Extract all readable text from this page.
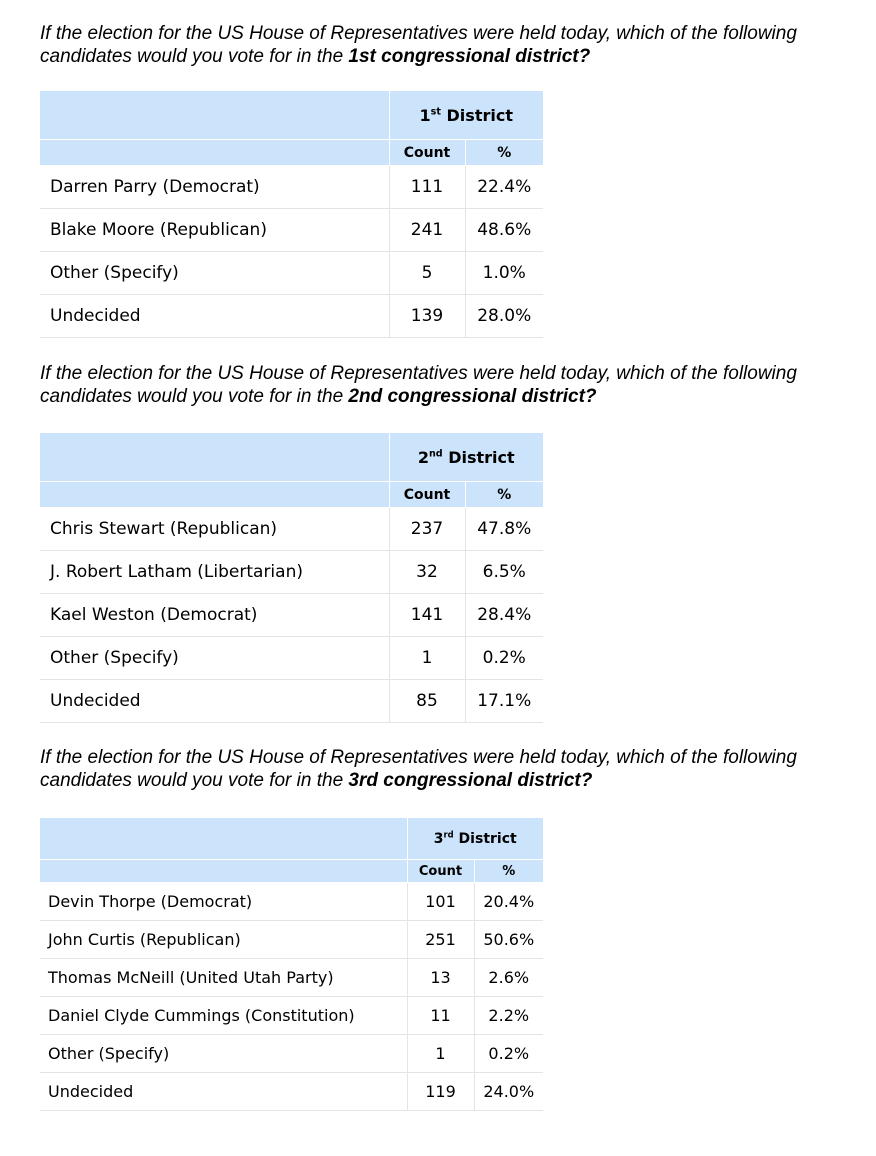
If the election for the US House of Representatives were held today, which of the following candidates would you vote for in the 1st congressional district?

	1st District	
	Count	%
Darren Parry (Democrat)	111	22.4%
Blake Moore (Republican)	241	48.6%
Other (Specify)	5	1.0%
Undecided	139	28.0%

If the election for the US House of Representatives were held today, which of the following candidates would you vote for in the 2nd congressional district?

	2nd District	
	Count	%
Chris Stewart (Republican)	237	47.8%
J. Robert Latham (Libertarian)	32	6.5%
Kael Weston (Democrat)	141	28.4%
Other (Specify)	1	0.2%
Undecided	85	17.1%

If the election for the US House of Representatives were held today, which of the following candidates would you vote for in the 3rd congressional district?

	3rd District	
	Count	%
Devin Thorpe (Democrat)	101	20.4%
John Curtis (Republican)	251	50.6%
Thomas McNeill (United Utah Party)	13	2.6%
Daniel Clyde Cummings (Constitution)	11	2.2%
Other (Specify)	1	0.2%
Undecided	119	24.0%
